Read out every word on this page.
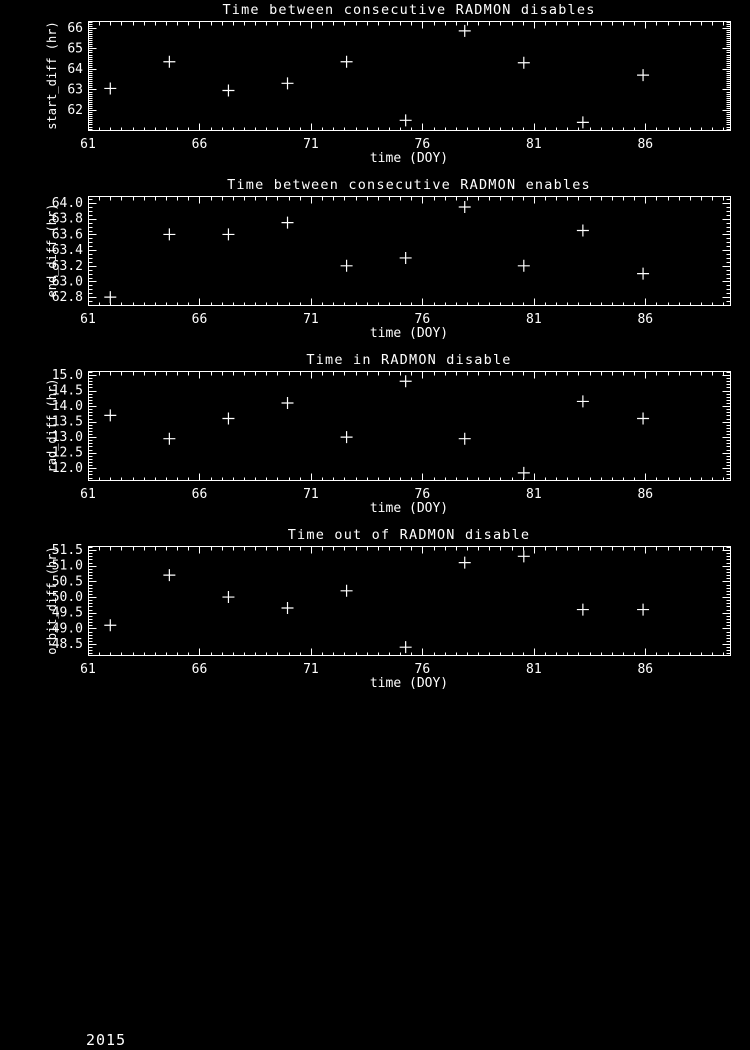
Time between consecutive RADMON disables
61	66	71	76	81	86
time (DOY)
62
63
64
65
66
start_diff (hr)
Time between consecutive RADMON enables
61	66	71	76	81	86
time (DOY)
62.8
63.0
63.2
63.4
63.6
63.8
64.0
end_diff (hr)
Time in RADMON disable
61	66	71	76	81	86
time (DOY)
12.0
12.5
13.0
13.5
14.0
14.5
15.0
rad_diff (hr)
Time out of RADMON disable
61	66	71	76	81	86
time (DOY)
48.5
49.0
49.5
50.0
50.5
51.0
51.5
orbit_diff (hr)
2015
